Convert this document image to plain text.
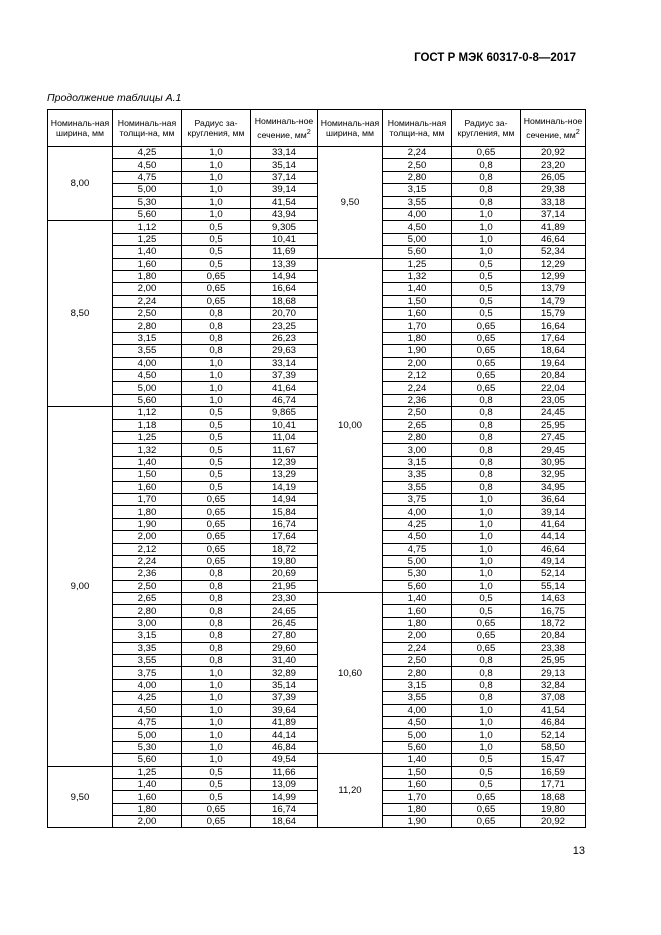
ГОСТ Р МЭК 60317-0-8—2017
Продолжение таблицы А.1
Номиналь-ная ширина, мм	Номиналь-ная толщи-на, мм	Радиус за-кругления, мм	Номиналь-ное сечение, $мм^2$	Номиналь-ная ширина, мм	Номиналь-ная толщи-на, мм	Радиус за-кругления, мм	Номиналь-ное сечение, $мм^2$
8,00	4,25	1,0	33,14	9,50	2,24	0,65	20,92
	4,50	1,0	35,14		2,50	0,8	23,20
	4,75	1,0	37,14		2,80	0,8	26,05
	5,00	1,0	39,14		3,15	0,8	29,38
	5,30	1,0	41,54		3,55	0,8	33,18
	5,60	1,0	43,94		4,00	1,0	37,14
8,50	1,12	0,5	9,305		4,50	1,0	41,89
	1,25	0,5	10,41		5,00	1,0	46,64
	1,40	0,5	11,69		5,60	1,0	52,34
	1,60	0,5	13,39	10,00	1,25	0,5	12,29
	1,80	0,65	14,94		1,32	0,5	12,99
	2,00	0,65	16,64		1,40	0,5	13,79
	2,24	0,65	18,68		1,50	0,5	14,79
	2,50	0,8	20,70		1,60	0,5	15,79
	2,80	0,8	23,25		1,70	0,65	16,64
	3,15	0,8	26,23		1,80	0,65	17,64
	3,55	0,8	29,63		1,90	0,65	18,64
	4,00	1,0	33,14		2,00	0,65	19,64
	4,50	1,0	37,39		2,12	0,65	20,84
	5,00	1,0	41,64		2,24	0,65	22,04
	5,60	1,0	46,74		2,36	0,8	23,05
9,00	1,12	0,5	9,865		2,50	0,8	24,45
	1,18	0,5	10,41		2,65	0,8	25,95
	1,25	0,5	11,04		2,80	0,8	27,45
	1,32	0,5	11,67		3,00	0,8	29,45
	1,40	0,5	12,39		3,15	0,8	30,95
	1,50	0,5	13,29		3,35	0,8	32,95
	1,60	0,5	14,19		3,55	0,8	34,95
	1,70	0,65	14,94		3,75	1,0	36,64
	1,80	0,65	15,84		4,00	1,0	39,14
	1,90	0,65	16,74		4,25	1,0	41,64
	2,00	0,65	17,64		4,50	1,0	44,14
	2,12	0,65	18,72		4,75	1,0	46,64
	2,24	0,65	19,80		5,00	1,0	49,14
	2,36	0,8	20,69		5,30	1,0	52,14
	2,50	0,8	21,95		5,60	1,0	55,14
	2,65	0,8	23,30	10,60	1,40	0,5	14,63
	2,80	0,8	24,65		1,60	0,5	16,75
	3,00	0,8	26,45		1,80	0,65	18,72
	3,15	0,8	27,80		2,00	0,65	20,84
	3,35	0,8	29,60		2,24	0,65	23,38
	3,55	0,8	31,40		2,50	0,8	25,95
	3,75	1,0	32,89		2,80	0,8	29,13
	4,00	1,0	35,14		3,15	0,8	32,84
	4,25	1,0	37,39		3,55	0,8	37,08
	4,50	1,0	39,64		4,00	1,0	41,54
	4,75	1,0	41,89		4,50	1,0	46,84
	5,00	1,0	44,14		5,00	1,0	52,14
	5,30	1,0	46,84		5,60	1,0	58,50
	5,60	1,0	49,54	11,20	1,40	0,5	15,47
9,50	1,25	0,5	11,66		1,50	0,5	16,59
	1,40	0,5	13,09		1,60	0,5	17,71
	1,60	0,5	14,99		1,70	0,65	18,68
	1,80	0,65	16,74		1,80	0,65	19,80
	2,00	0,65	18,64		1,90	0,65	20,92
13
